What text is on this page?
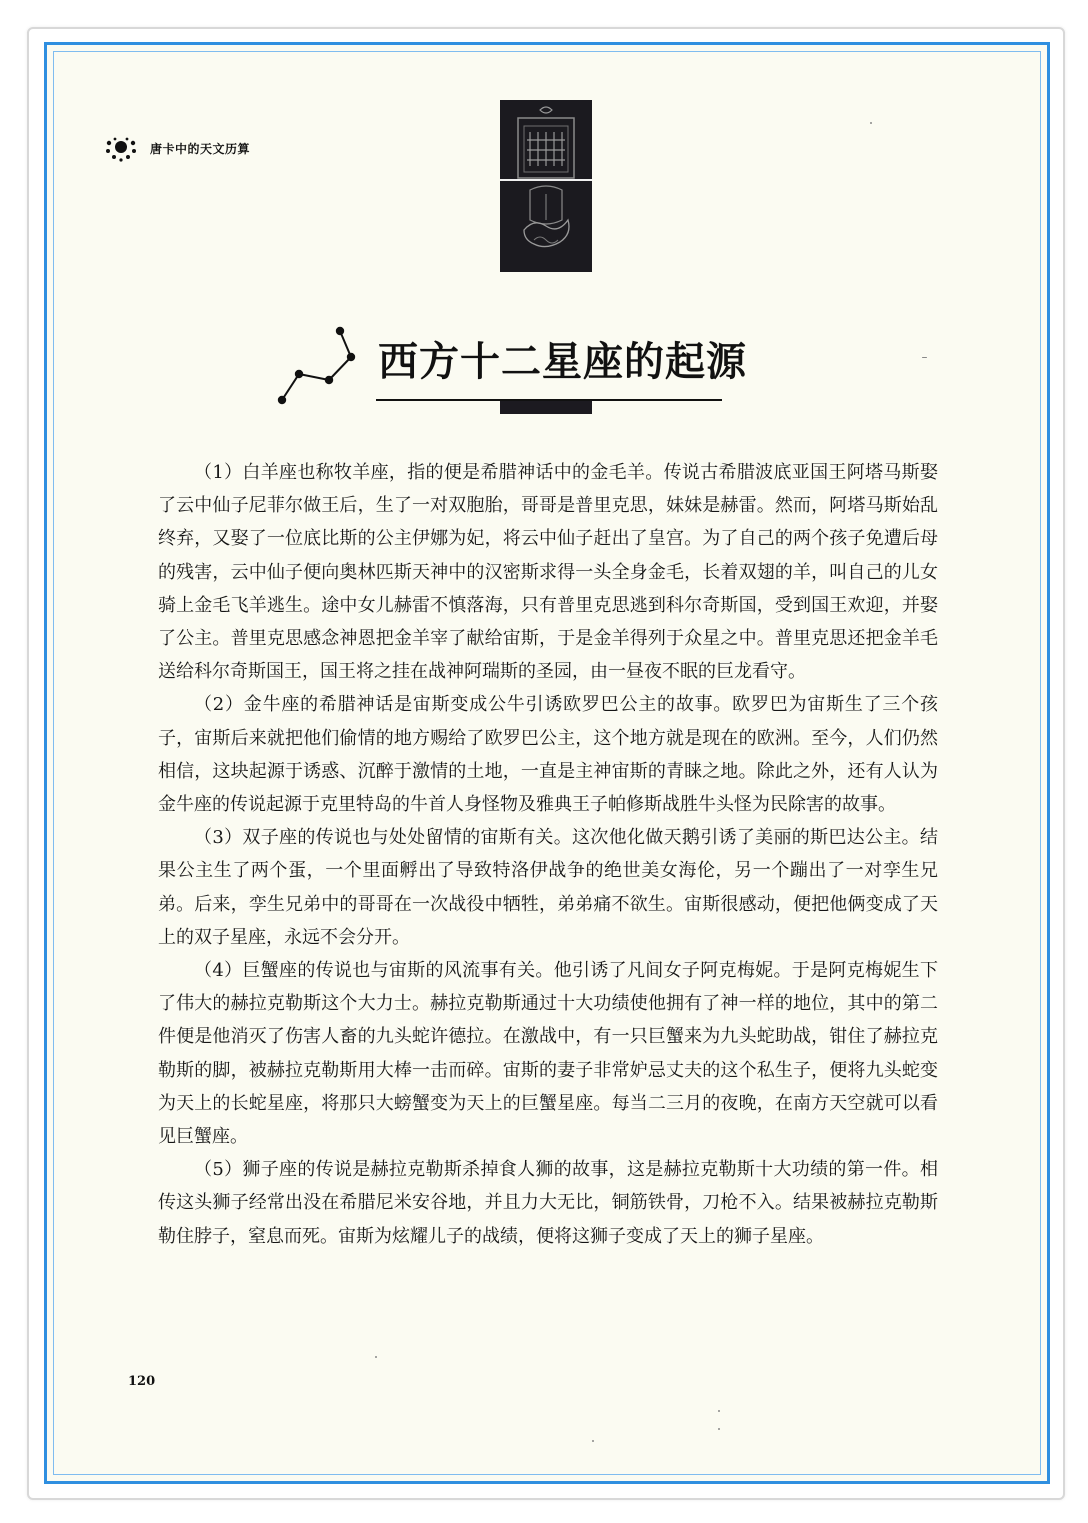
唐卡中的天文历算
西方十二星座的起源

（1）白羊座也称牧羊座，指的便是希腊神话中的金毛羊。传说古希腊波底亚国王阿塔马斯娶了云中仙子尼菲尔做王后，生了一对双胞胎，哥哥是普里克思，妹妹是赫雷。然而，阿塔马斯始乱终弃，又娶了一位底比斯的公主伊娜为妃，将云中仙子赶出了皇宫。为了自己的两个孩子免遭后母的残害，云中仙子便向奥林匹斯天神中的汉密斯求得一头全身金毛，长着双翅的羊，叫自己的儿女骑上金毛飞羊逃生。途中女儿赫雷不慎落海，只有普里克思逃到科尔奇斯国，受到国王欢迎，并娶了公主。普里克思感念神恩把金羊宰了献给宙斯，于是金羊得列于众星之中。普里克思还把金羊毛送给科尔奇斯国王，国王将之挂在战神阿瑞斯的圣园，由一昼夜不眠的巨龙看守。

（2）金牛座的希腊神话是宙斯变成公牛引诱欧罗巴公主的故事。欧罗巴为宙斯生了三个孩子，宙斯后来就把他们偷情的地方赐给了欧罗巴公主，这个地方就是现在的欧洲。至今，人们仍然相信，这块起源于诱惑、沉醉于激情的土地，一直是主神宙斯的青睐之地。除此之外，还有人认为金牛座的传说起源于克里特岛的牛首人身怪物及雅典王子帕修斯战胜牛头怪为民除害的故事。

（3）双子座的传说也与处处留情的宙斯有关。这次他化做天鹅引诱了美丽的斯巴达公主。结果公主生了两个蛋，一个里面孵出了导致特洛伊战争的绝世美女海伦，另一个蹦出了一对孪生兄弟。后来，孪生兄弟中的哥哥在一次战役中牺牲，弟弟痛不欲生。宙斯很感动，便把他俩变成了天上的双子星座，永远不会分开。

（4）巨蟹座的传说也与宙斯的风流事有关。他引诱了凡间女子阿克梅妮。于是阿克梅妮生下了伟大的赫拉克勒斯这个大力士。赫拉克勒斯通过十大功绩使他拥有了神一样的地位，其中的第二件便是他消灭了伤害人畜的九头蛇许德拉。在激战中，有一只巨蟹来为九头蛇助战，钳住了赫拉克勒斯的脚，被赫拉克勒斯用大棒一击而碎。宙斯的妻子非常妒忌丈夫的这个私生子，便将九头蛇变为天上的长蛇星座，将那只大螃蟹变为天上的巨蟹星座。每当二三月的夜晚，在南方天空就可以看见巨蟹座。

（5）狮子座的传说是赫拉克勒斯杀掉食人狮的故事，这是赫拉克勒斯十大功绩的第一件。相传这头狮子经常出没在希腊尼米安谷地，并且力大无比，铜筋铁骨，刀枪不入。结果被赫拉克勒斯勒住脖子，窒息而死。宙斯为炫耀儿子的战绩，便将这狮子变成了天上的狮子星座。

120
